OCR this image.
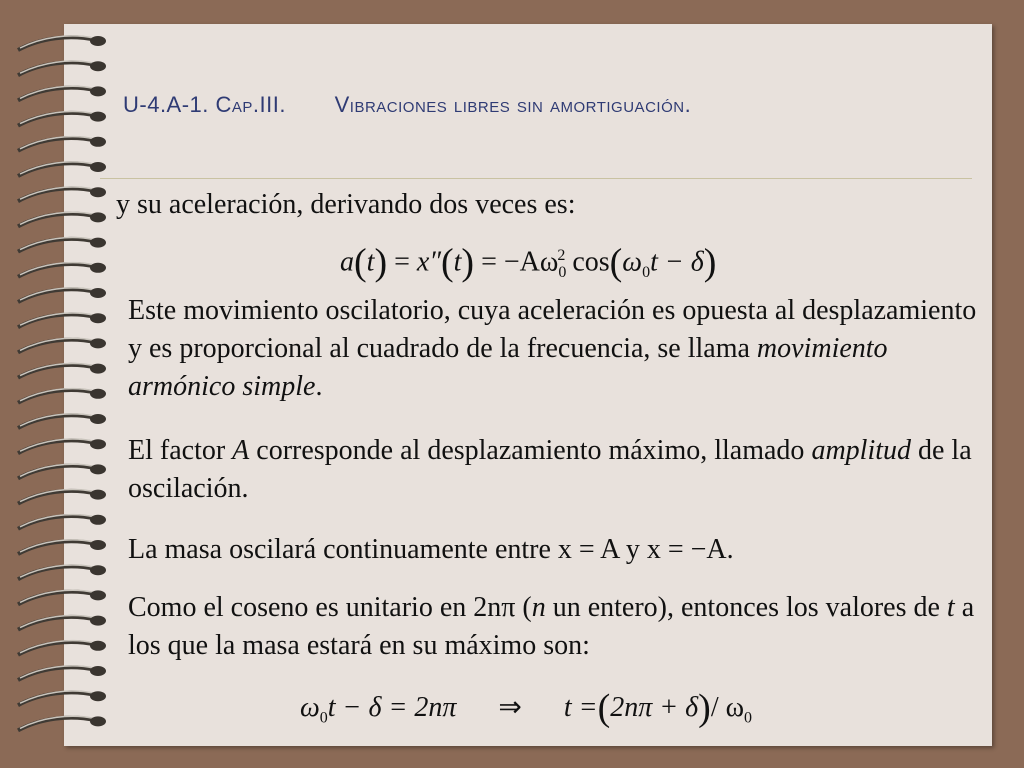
U-4.A-1. Cap.III. Vibraciones libres sin amortiguación.
y su aceleración, derivando dos veces es:
$a(t) = x''(t) = -A\omega_0^2$ $\cos(\omega_0t - \delta)$
Este movimiento oscilatorio, cuya aceleración es opuesta al desplazamiento y es proporcional al cuadrado de la frecuencia, se llama movimiento armónico simple.
El factor A corresponde al desplazamiento máximo, llamado amplitud de la oscilación.
La masa oscilará continuamente entre x = A y x = −A.
Como el coseno es unitario en 2nπ (n un entero), entonces los valores de t a los que la masa estará en su máximo son:
$\omega_0t - \delta = 2n\pi$ ⇒ t =(2nπ + δ)/ $\omega_0$
